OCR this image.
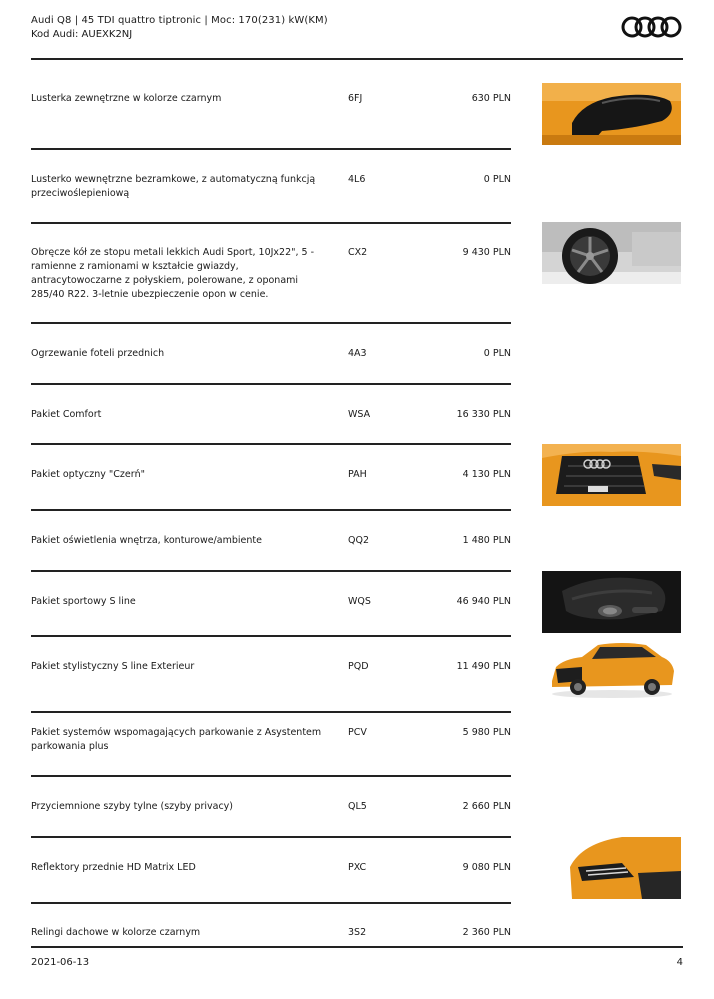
Audi Q8 | 45 TDI quattro tiptronic | Moc: 170(231) kW(KM)
Kod Audi: AUEXK2NJ
Lusterka zewnętrzne w kolorze czarnym	6FJ	630 PLN
Lusterko wewnętrzne bezramkowe, z automatyczną funkcją przeciwoślepieniową
4L6	0 PLN
Obręcze kół ze stopu metali lekkich Audi Sport, 10Jx22", 5 - ramienne z ramionami w kształcie gwiazdy, antracytowoczarne z połyskiem, polerowane, z oponami 285/40 R22. 3-letnie ubezpieczenie opon w cenie.
CX2	9 430 PLN
Ogrzewanie foteli przednich	4A3	0 PLN
Pakiet Comfort	WSA	16 330 PLN
Pakiet optyczny "Czerń"	PAH	4 130 PLN
Pakiet oświetlenia wnętrza, konturowe/ambiente	QQ2	1 480 PLN
Pakiet sportowy S line	WQS	46 940 PLN
Pakiet stylistyczny S line Exterieur	PQD	11 490 PLN
Pakiet systemów wspomagających parkowanie z Asystentem parkowania plus
PCV	5 980 PLN
Przyciemnione szyby tylne (szyby privacy)	QL5	2 660 PLN
Reflektory przednie HD Matrix LED	PXC	9 080 PLN
Relingi dachowe w kolorze czarnym	3S2	2 360 PLN
2021-06-13	4
